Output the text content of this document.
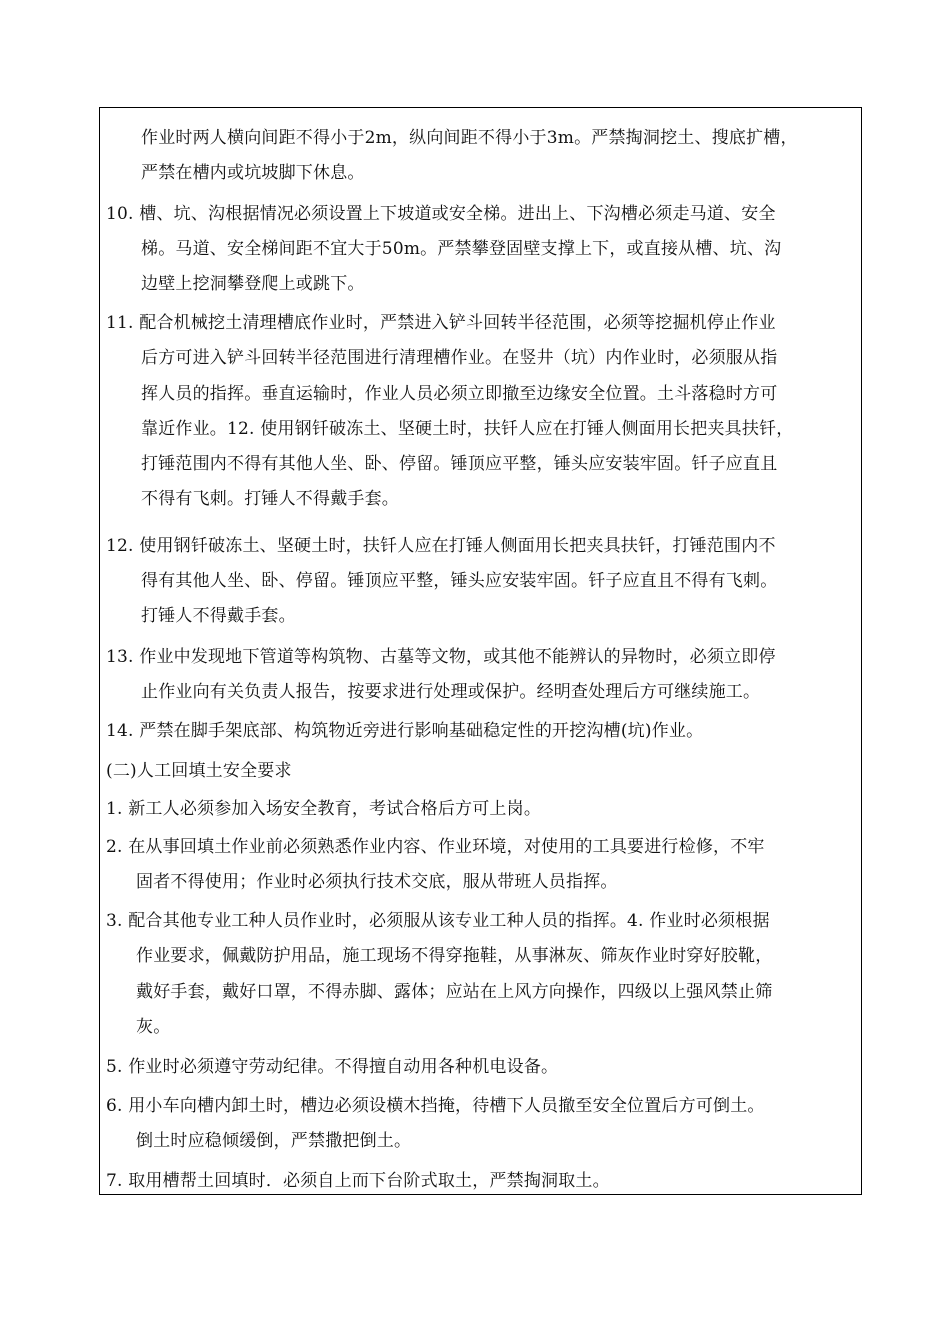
作业时两人横向间距不得小于2m，纵向间距不得小于3m。严禁掏洞挖土、搜底扩槽，
严禁在槽内或坑坡脚下休息。
10. 槽、坑、沟根据情况必须设置上下坡道或安全梯。进出上、下沟槽必须走马道、安全
梯。马道、安全梯间距不宜大于50m。严禁攀登固壁支撑上下，或直接从槽、坑、沟
边壁上挖洞攀登爬上或跳下。
11. 配合机械挖土清理槽底作业时，严禁进入铲斗回转半径范围，必须等挖掘机停止作业
后方可进入铲斗回转半径范围进行清理槽作业。在竖井（坑）内作业时，必须服从指
挥人员的指挥。垂直运输时，作业人员必须立即撤至边缘安全位置。土斗落稳时方可
靠近作业。12. 使用钢钎破冻土、坚硬土时，扶钎人应在打锤人侧面用长把夹具扶钎，
打锤范围内不得有其他人坐、卧、停留。锤顶应平整，锤头应安装牢固。钎子应直且
不得有飞刺。打锤人不得戴手套。
12. 使用钢钎破冻土、坚硬土时，扶钎人应在打锤人侧面用长把夹具扶钎，打锤范围内不
得有其他人坐、卧、停留。锤顶应平整，锤头应安装牢固。钎子应直且不得有飞刺。
打锤人不得戴手套。
13. 作业中发现地下管道等构筑物、古墓等文物，或其他不能辨认的异物时，必须立即停
止作业向有关负责人报告，按要求进行处理或保护。经明查处理后方可继续施工。
14. 严禁在脚手架底部、构筑物近旁进行影响基础稳定性的开挖沟槽(坑)作业。
(二)人工回填土安全要求
1. 新工人必须参加入场安全教育，考试合格后方可上岗。
2. 在从事回填土作业前必须熟悉作业内容、作业环境，对使用的工具要进行检修，不牢
固者不得使用；作业时必须执行技术交底，服从带班人员指挥。
3. 配合其他专业工种人员作业时，必须服从该专业工种人员的指挥。4. 作业时必须根据
作业要求，佩戴防护用品，施工现场不得穿拖鞋，从事淋灰、筛灰作业时穿好胶靴，
戴好手套，戴好口罩，不得赤脚、露体；应站在上风方向操作，四级以上强风禁止筛
灰。
5. 作业时必须遵守劳动纪律。不得擅自动用各种机电设备。
6. 用小车向槽内卸土时，槽边必须设横木挡掩，待槽下人员撤至安全位置后方可倒土。
倒土时应稳倾缓倒，严禁撒把倒土。
7. 取用槽帮土回填时．必须自上而下台阶式取土，严禁掏洞取土。
